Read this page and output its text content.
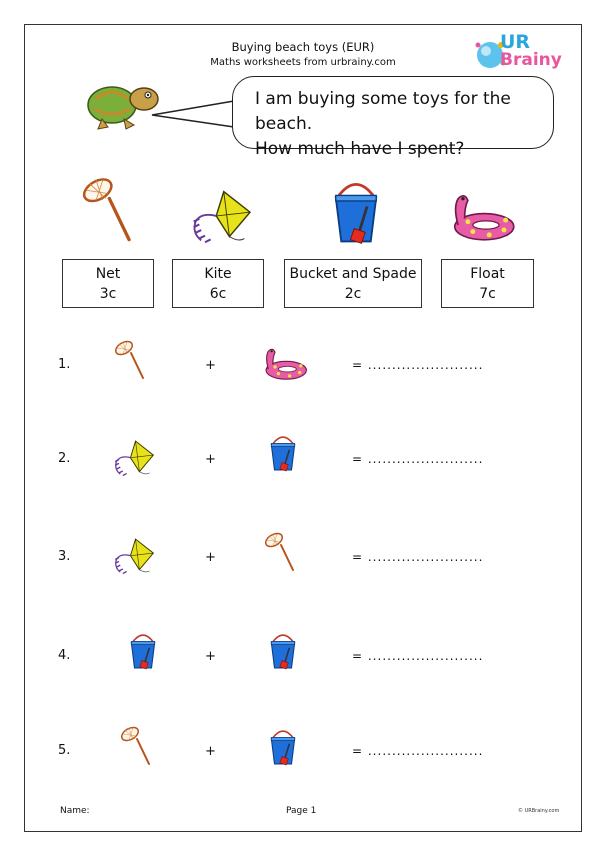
Buying beach toys (EUR)
Maths worksheets from urbrainy.com
UR
Brainy
I am buying some toys for the beach.
How much have I spent?
Net
3c
Kite
6c
Bucket and Spade
2c
Float
7c
1.	+	= ........................
2.	+	= ........................
3.	+	= ........................
4.	+	= ........................
5.	+	= ........................
Name:	Page 1	© URBrainy.com
